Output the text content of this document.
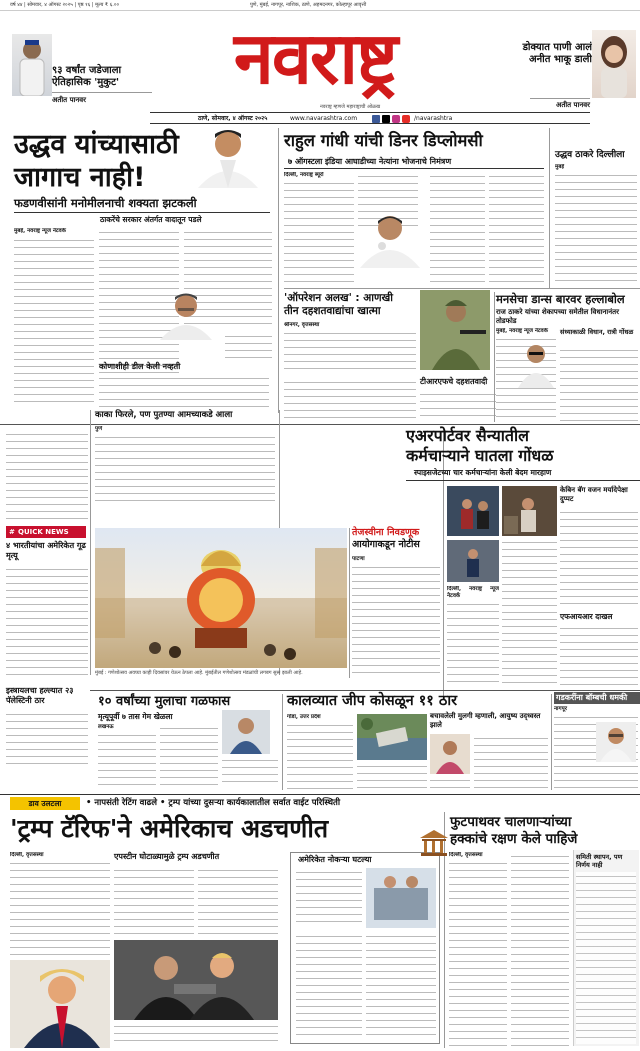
वर्ष ४४ | सोमवार, ४ ऑगस्ट २०२५ | पृष्ठ १६ | मूल्य ₹ ६.००	पुणे, मुंबई, नागपूर, नाशिक, ठाणे, अहमदनगर, कोल्हापूर आवृत्ती
९३ वर्षांत जडेजाला
ऐतिहासिक 'मुकुट'
अतीत पानवर	नवराष्ट्र
नवराष्ट्र म्हणजे महाराष्ट्राची ओळख
डोक्यात पाणी आलं
अनीत भाकू डाली
अतीत पानवर
ठाणे, सोमवार, ४ ऑगस्ट २०२५	www.navarashtra.com	/navarashtra
उद्धव यांच्यासाठी
जागाच नाही!
फडणवीसांनी मनोमीलनाची शक्यता झटकली
ठाकरेंचे सरकार अंतर्गत वादातून पडले
मुंबई, नवराष्ट्र न्यूज नेटवर्क
कोणाशीही डील केली नव्हती
राहुल गांधी यांची डिनर डिप्लोमसी
७ ऑगस्टला इंडिया आघाडीच्या नेत्यांना भोजनाचे निमंत्रण
दिल्ली, नवराष्ट्र ब्यूरो
उद्धव ठाकरे दिल्लीला
मुंबई
'ऑपरेशन अलख' : आणखी
तीन दहशतवाद्यांचा खात्मा
श्रीनगर, वृत्तसंस्था
टीआरएफचे दहशतवादी
मनसेचा डान्स बारवर हल्लाबोल
राज ठाकरे यांच्या शेकापच्या समेतील विधानानंतर तोडफोड
संध्याकाळी विधान, रात्री गोंधळ
मुंबई, नवराष्ट्र न्यूज नेटवर्क
काका फिरले, पण पुतण्या आमच्याकडे आला
पुणे
# QUICK NEWS
४ भारतीयांचा अमेरिकेत गूढ मृत्यू
इस्त्रायलचा हल्ल्यात २३ पॅलेस्टिनी ठार
मुंबई : गणेशोत्सव अवघ्या काही दिवसांवर येऊन ठेपला आहे. मुंबईतील गणेशोत्सव मंडळांची लगबग सुरू झाली आहे.
तेजस्वीना निवडणूक
आयोगाकडून नोटीस
पाटणा
एअरपोर्टवर सैन्यातील
कर्मचाऱ्याने घातला गोंधळ
स्पाइसजेटच्या चार कर्मचाऱ्यांना केली बेदम मारहाण
केबिन बॅग वजन मर्यादेपेक्षा दुप्पट
दिल्ली, नवराष्ट्र न्यूज नेटवर्क
एफआयआर दाखल
१० वर्षांच्या मुलाचा गळफास
मृत्यूपूर्वी ७ तास गेम खेळला
लखनऊ
कालव्यात जीप कोसळून ११ ठार
बचावलेली मुलगी म्हणाली, आयुष्य उद्ध्वस्त झाले
गोंडा, उत्तर प्रदेश
गडकरींना बॉम्बची धमकी
नागपूर
डाव उलटला	• नापसंती रेटिंग वाढले • ट्रम्प यांच्या दुसऱ्या कार्यकालातील सर्वात वाईट परिस्थिती
'ट्रम्प टॅरिफ'ने अमेरिकाच अडचणीत
दिल्ली, वृत्तसंस्था	एपस्टीन घोटाळ्यामुळे ट्रम्प अडचणीत	अमेरिकेत नोकऱ्या घटल्या
फुटपाथवर चालणाऱ्यांच्या
हक्कांचे रक्षण केले पाहिजे
दिल्ली, वृत्तसंस्था	समिती स्थापन, पण निर्णय नाही
